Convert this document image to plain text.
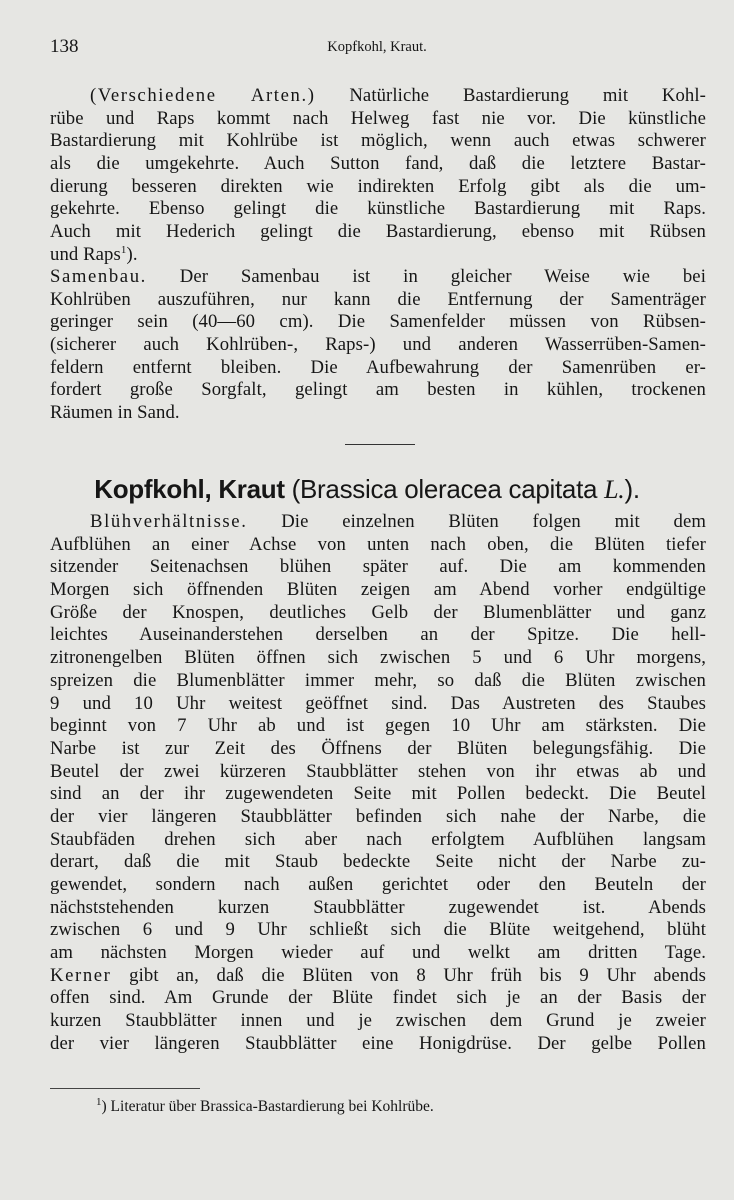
138	Kopfkohl, Kraut.
(Verschiedene Arten.) Natürliche Bastardierung mit Kohl-
rübe und Raps kommt nach Helweg fast nie vor. Die künstliche
Bastardierung mit Kohlrübe ist möglich, wenn auch etwas schwerer
als die umgekehrte. Auch Sutton fand, daß die letztere Bastar-
dierung besseren direkten wie indirekten Erfolg gibt als die um-
gekehrte. Ebenso gelingt die künstliche Bastardierung mit Raps.
Auch mit Hederich gelingt die Bastardierung, ebenso mit Rübsen
und Raps$^1$).
Samenbau. Der Samenbau ist in gleicher Weise wie bei
Kohlrüben auszuführen, nur kann die Entfernung der Samenträger
geringer sein (40—60 cm). Die Samenfelder müssen von Rübsen-
(sicherer auch Kohlrüben-, Raps-) und anderen Wasserrüben-Samen-
feldern entfernt bleiben. Die Aufbewahrung der Samenrüben er-
fordert große Sorgfalt, gelingt am besten in kühlen, trockenen
Räumen in Sand.
Kopfkohl, Kraut (Brassica oleracea capitata L.).
Blühverhältnisse. Die einzelnen Blüten folgen mit dem
Aufblühen an einer Achse von unten nach oben, die Blüten tiefer
sitzender Seitenachsen blühen später auf. Die am kommenden
Morgen sich öffnenden Blüten zeigen am Abend vorher endgültige
Größe der Knospen, deutliches Gelb der Blumenblätter und ganz
leichtes Auseinanderstehen derselben an der Spitze. Die hell-
zitronengelben Blüten öffnen sich zwischen 5 und 6 Uhr morgens,
spreizen die Blumenblätter immer mehr, so daß die Blüten zwischen
9 und 10 Uhr weitest geöffnet sind. Das Austreten des Staubes
beginnt von 7 Uhr ab und ist gegen 10 Uhr am stärksten. Die
Narbe ist zur Zeit des Öffnens der Blüten belegungsfähig. Die
Beutel der zwei kürzeren Staubblätter stehen von ihr etwas ab und
sind an der ihr zugewendeten Seite mit Pollen bedeckt. Die Beutel
der vier längeren Staubblätter befinden sich nahe der Narbe, die
Staubfäden drehen sich aber nach erfolgtem Aufblühen langsam
derart, daß die mit Staub bedeckte Seite nicht der Narbe zu-
gewendet, sondern nach außen gerichtet oder den Beuteln der
nächststehenden kurzen Staubblätter zugewendet ist. Abends
zwischen 6 und 9 Uhr schließt sich die Blüte weitgehend, blüht
am nächsten Morgen wieder auf und welkt am dritten Tage.
Kerner gibt an, daß die Blüten von 8 Uhr früh bis 9 Uhr abends
offen sind. Am Grunde der Blüte findet sich je an der Basis der
kurzen Staubblätter innen und je zwischen dem Grund je zweier
der vier längeren Staubblätter eine Honigdrüse. Der gelbe Pollen
$^1$) Literatur über Brassica-Bastardierung bei Kohlrübe.
